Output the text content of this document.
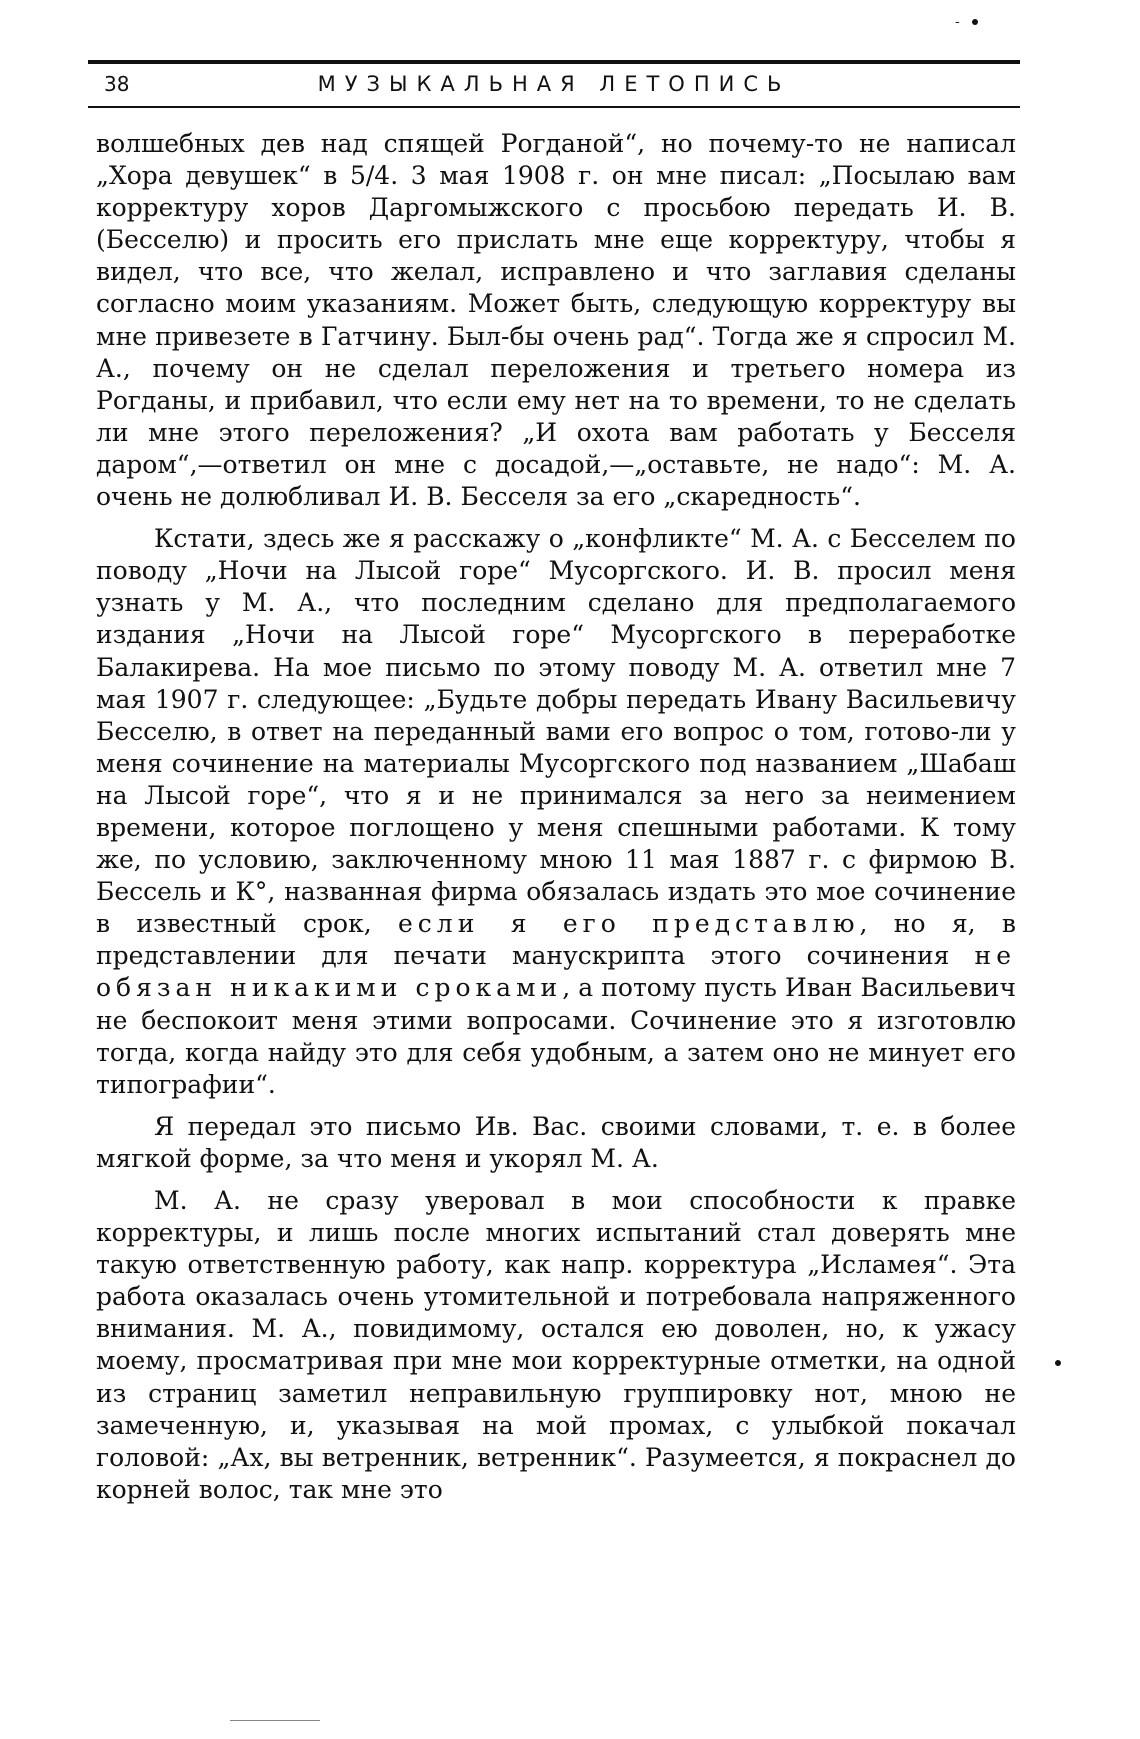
-
38	МУЗЫКАЛЬНАЯ ЛЕТОПИСЬ

волшебных дев над спящей Рогданой“, но почему-то не написал „Хора девушек“ в 5/4. 3 мая 1908 г. он мне писал: „Посылаю вам корректуру хоров Даргомыжского с просьбою передать И. В. (Бесселю) и просить его прислать мне еще корректуру, чтобы я видел, что все, что желал, исправлено и что заглавия сделаны согласно моим указаниям. Может быть, следующую корректуру вы мне привезете в Гатчину. Был-бы очень рад“. Тогда же я спросил М. А., почему он не сделал переложения и третьего номера из Рогданы, и прибавил, что если ему нет на то времени, то не сделать ли мне этого переложения? „И охота вам работать у Бесселя даром“,—ответил он мне с досадой,—„оставьте, не надо“: М. А. очень не долюбливал И. В. Бесселя за его „скаредность“.

Кстати, здесь же я расскажу о „конфликте“ М. А. с Бесселем по поводу „Ночи на Лысой горе“ Мусоргского. И. В. просил меня узнать у М. А., что последним сделано для предполагаемого издания „Ночи на Лысой горе“ Мусоргского в переработке Балакирева. На мое письмо по этому поводу М. А. ответил мне 7 мая 1907 г. следующее: „Будьте добры передать Ивану Васильевичу Бесселю, в ответ на переданный вами его вопрос о том, готово-ли у меня сочинение на материалы Мусоргского под названием „Шабаш на Лысой горе“, что я и не принимался за него за неимением времени, которое поглощено у меня спешными работами. К тому же, по условию, заключенному мною 11 мая 1887 г. с фирмою В. Бессель и К°, названная фирма обязалась издать это мое сочинение в известный срок, если я его представлю, но я, в представлении для печати манускрипта этого сочинения не обязан никакими сроками, а потому пусть Иван Васильевич не беспокоит меня этими вопросами. Сочинение это я изготовлю тогда, когда найду это для себя удобным, а затем оно не минует его типографии“.

Я передал это письмо Ив. Вас. своими словами, т. е. в более мягкой форме, за что меня и укорял М. А.

М. А. не сразу уверовал в мои способности к правке корректуры, и лишь после многих испытаний стал доверять мне такую ответственную работу, как напр. корректура „Исламея“. Эта работа оказалась очень утомительной и потребовала напряженного внимания. М. А., повидимому, остался ею доволен, но, к ужасу моему, просматривая при мне мои корректурные отметки, на одной из страниц заметил неправильную группировку нот, мною не замеченную, и, указывая на мой промах, с улыбкой покачал головой: „Ах, вы ветренник, ветренник“. Разумеется, я покраснел до корней волос, так мне это
